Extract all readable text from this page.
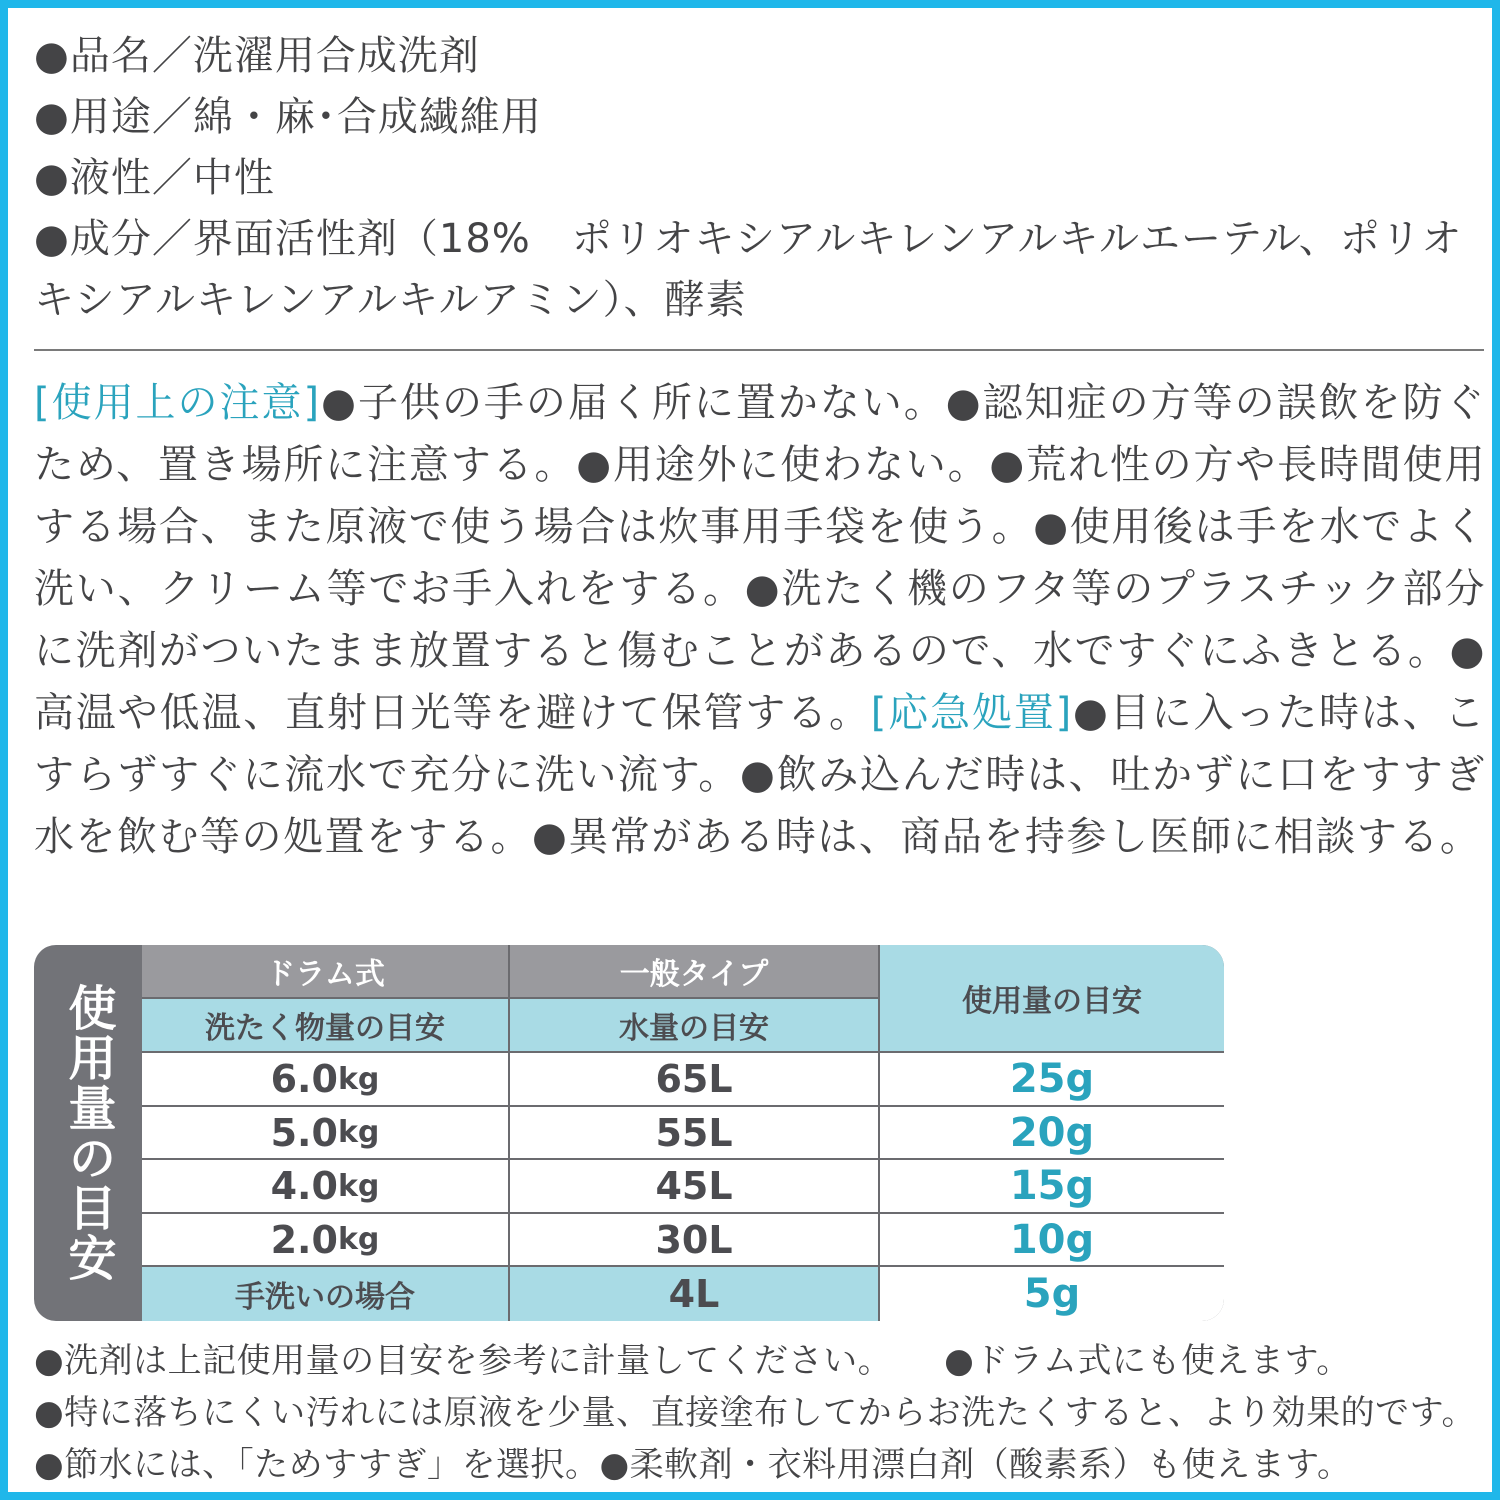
●品名／洗濯用合成洗剤
●用途／綿・麻･合成繊維用
●液性／中性
●成分／界面活性剤（18%　ポリオキシアルキレンアルキルエーテル、ポリオキシアルキレンアルキルアミン）、酵素
[使用上の注意]●子供の手の届く所に置かない。●認知症の方等の誤飲を防ぐため、置き場所に注意する。●用途外に使わない。●荒れ性の方や長時間使用する場合、また原液で使う場合は炊事用手袋を使う。●使用後は手を水でよく洗い、クリーム等でお手入れをする。●洗たく機のフタ等のプラスチック部分に洗剤がついたまま放置すると傷むことがあるので、水ですぐにふきとる。●高温や低温、直射日光等を避けて保管する。[応急処置]●目に入った時は、こすらずすぐに流水で充分に洗い流す。●飲み込んだ時は、吐かずに口をすすぎ水を飲む等の処置をする。●異常がある時は、商品を持参し医師に相談する。
使用量の目安
ドラム式	一般タイプ
使用量の目安
洗たく物量の目安	水量の目安
6.0 kg	65L	25g
5.0 kg	55L	20g
4.0 kg	45L	15g
2.0 kg	30L	10g
手洗いの場合	4L	5g
●洗剤は上記使用量の目安を参考に計量してください。 ●ドラム式にも使えます。
●特に落ちにくい汚れには原液を少量、直接塗布してからお洗たくすると、より効果的です。
●節水には、「ためすすぎ」を選択。●柔軟剤・衣料用漂白剤（酸素系）も使えます。
